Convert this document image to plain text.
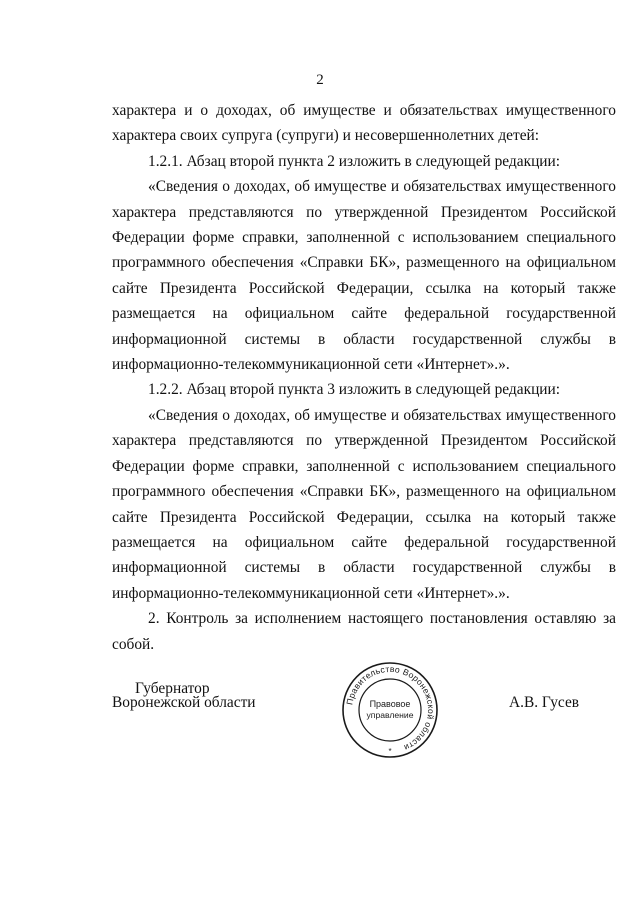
2

характера и о доходах, об имуществе и обязательствах имущественного характера своих супруга (супруги) и несовершеннолетних детей:

1.2.1. Абзац второй пункта 2 изложить в следующей редакции:

«Сведения о доходах, об имуществе и обязательствах имущественного характера представляются по утвержденной Президентом Российской Федерации форме справки, заполненной с использованием специального программного обеспечения «Справки БК», размещенного на официальном сайте Президента Российской Федерации, ссылка на который также размещается на официальном сайте федеральной государственной информационной системы в области государственной службы в информационно-телекоммуникационной сети «Интернет».».

1.2.2. Абзац второй пункта 3 изложить в следующей редакции:

«Сведения о доходах, об имуществе и обязательствах имущественного характера представляются по утвержденной Президентом Российской Федерации форме справки, заполненной с использованием специального программного обеспечения «Справки БК», размещенного на официальном сайте Президента Российской Федерации, ссылка на который также размещается на официальном сайте федеральной государственной информационной системы в области государственной службы в информационно-телекоммуникационной сети «Интернет».».

2. Контроль за исполнением настоящего постановления оставляю за собой.

Губернатор
Воронежской области	А.В. Гусев
Правительство Воронежской области
Правовое
управление
*
